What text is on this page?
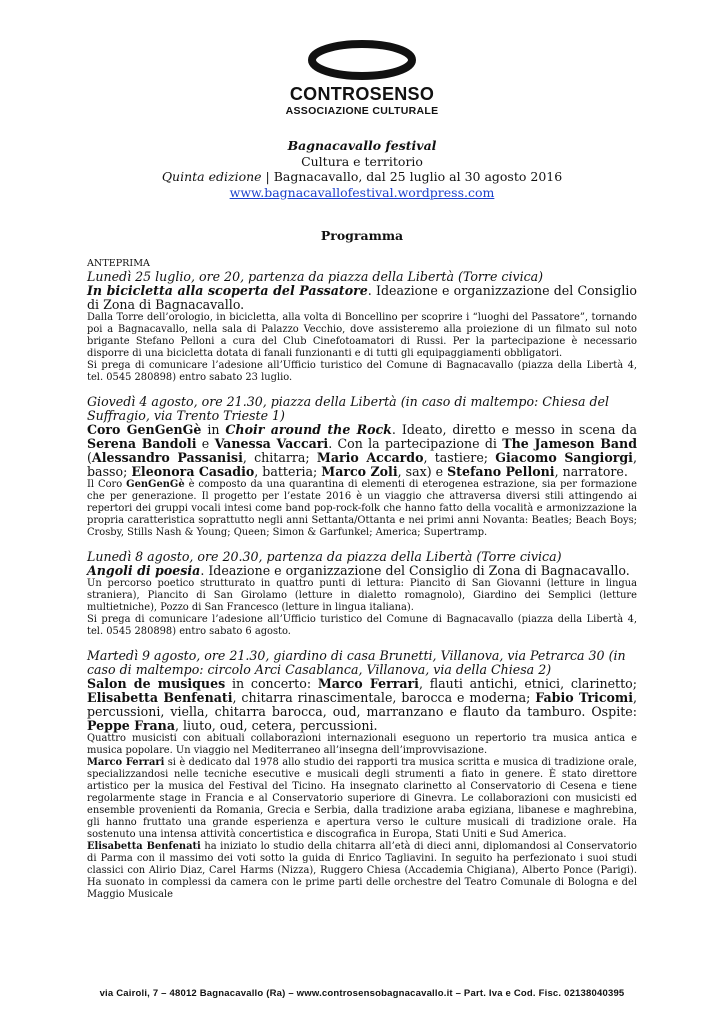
CONTROSENSO
ASSOCIAZIONE CULTURALE
Bagnacavallo festival
Cultura e territorio
Quinta edizione | Bagnacavallo, dal 25 luglio al 30 agosto 2016
www.bagnacavallofestival.wordpress.com
Programma

ANTEPRIMA

Lunedì 25 luglio, ore 20, partenza da piazza della Libertà (Torre civica)

In bicicletta alla scoperta del Passatore. Ideazione e organizzazione del Consiglio di Zona di Bagnacavallo.

Dalla Torre dell’orologio, in bicicletta, alla volta di Boncellino per scoprire i “luoghi del Passatore”, tornando poi a Bagnacavallo, nella sala di Palazzo Vecchio, dove assisteremo alla proiezione di un filmato sul noto brigante Stefano Pelloni a cura del Club Cinefotoamatori di Russi. Per la partecipazione è necessario disporre di una bicicletta dotata di fanali funzionanti e di tutti gli equipaggiamenti obbligatori.

Si prega di comunicare l’adesione all’Ufficio turistico del Comune di Bagnacavallo (piazza della Libertà 4, tel. 0545 280898) entro sabato 23 luglio.

Giovedì 4 agosto, ore 21.30, piazza della Libertà (in caso di maltempo: Chiesa del Suffragio, via Trento Trieste 1)

Coro GenGenGè in Choir around the Rock. Ideato, diretto e messo in scena da Serena Bandoli e Vanessa Vaccari. Con la partecipazione di The Jameson Band (Alessandro Passanisi, chitarra; Mario Accardo, tastiere; Giacomo Sangiorgi, basso; Eleonora Casadio, batteria; Marco Zoli, sax) e Stefano Pelloni, narratore.

Il Coro GenGenGè è composto da una quarantina di elementi di eterogenea estrazione, sia per formazione che per generazione. Il progetto per l’estate 2016 è un viaggio che attraversa diversi stili attingendo ai repertori dei gruppi vocali intesi come band pop-rock-folk che hanno fatto della vocalità e armonizzazione la propria caratteristica soprattutto negli anni Settanta/Ottanta e nei primi anni Novanta: Beatles; Beach Boys; Crosby, Stills Nash & Young; Queen; Simon & Garfunkel; America; Supertramp.

Lunedì 8 agosto, ore 20.30, partenza da piazza della Libertà (Torre civica)

Angoli di poesia. Ideazione e organizzazione del Consiglio di Zona di Bagnacavallo.

Un percorso poetico strutturato in quattro punti di lettura: Piancito di San Giovanni (letture in lingua straniera), Piancito di San Girolamo (letture in dialetto romagnolo), Giardino dei Semplici (letture multietniche), Pozzo di San Francesco (letture in lingua italiana).

Si prega di comunicare l’adesione all’Ufficio turistico del Comune di Bagnacavallo (piazza della Libertà 4, tel. 0545 280898) entro sabato 6 agosto.

Martedì 9 agosto, ore 21.30, giardino di casa Brunetti, Villanova, via Petrarca 30 (in caso di maltempo: circolo Arci Casablanca, Villanova, via della Chiesa 2)

Salon de musiques in concerto: Marco Ferrari, flauti antichi, etnici, clarinetto; Elisabetta Benfenati, chitarra rinascimentale, barocca e moderna; Fabio Tricomi, percussioni, viella, chitarra barocca, oud, marranzano e flauto da tamburo. Ospite: Peppe Frana, liuto, oud, cetera, percussioni.

Quattro musicisti con abituali collaborazioni internazionali eseguono un repertorio tra musica antica e musica popolare. Un viaggio nel Mediterraneo all’insegna dell’improvvisazione.

Marco Ferrari si è dedicato dal 1978 allo studio dei rapporti tra musica scritta e musica di tradizione orale, specializzandosi nelle tecniche esecutive e musicali degli strumenti a fiato in genere. È stato direttore artistico per la musica del Festival del Ticino. Ha insegnato clarinetto al Conservatorio di Cesena e tiene regolarmente stage in Francia e al Conservatorio superiore di Ginevra. Le collaborazioni con musicisti ed ensemble provenienti da Romania, Grecia e Serbia, dalla tradizione araba egiziana, libanese e maghrebina, gli hanno fruttato una grande esperienza e apertura verso le culture musicali di tradizione orale. Ha sostenuto una intensa attività concertistica e discografica in Europa, Stati Uniti e Sud America.

Elisabetta Benfenati ha iniziato lo studio della chitarra all’età di dieci anni, diplomandosi al Conservatorio di Parma con il massimo dei voti sotto la guida di Enrico Tagliavini. In seguito ha perfezionato i suoi studi classici con Alirio Diaz, Carel Harms (Nizza), Ruggero Chiesa (Accademia Chigiana), Alberto Ponce (Parigi). Ha suonato in complessi da camera con le prime parti delle orchestre del Teatro Comunale di Bologna e del Maggio Musicale

via Cairoli, 7 – 48012 Bagnacavallo (Ra) – www.controsensobagnacavallo.it – Part. Iva e Cod. Fisc. 02138040395
